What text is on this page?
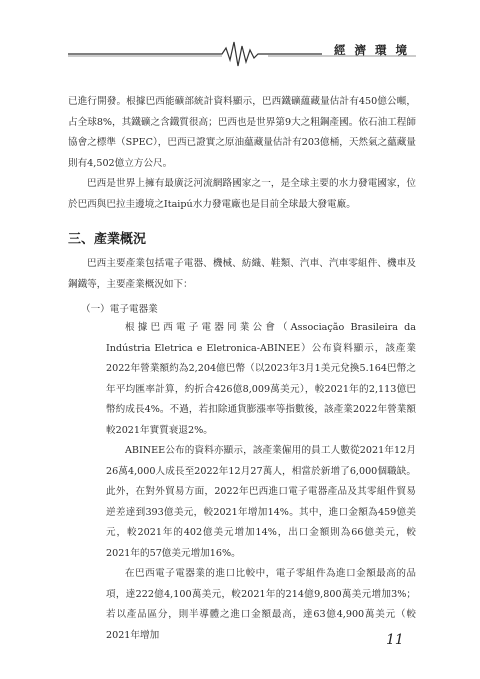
經濟環境

已進行開發。根據巴西能礦部統計資料顯示，巴西鐵礦蘊藏量估計有450億公噸，占全球8%，其鐵礦之含鐵質很高；巴西也是世界第9大之粗鋼產國。依石油工程師協會之標準（SPEC），巴西已證實之原油蘊藏量估計有203億桶，天然氣之蘊藏量則有4,502億立方公尺。

巴西是世界上擁有最廣泛河流網路國家之一，是全球主要的水力發電國家，位於巴西與巴拉圭邊境之Itaipú水力發電廠也是目前全球最大發電廠。

三、產業概況

巴西主要產業包括電子電器、機械、紡織、鞋類、汽車、汽車零組件、機車及鋼鐵等，主要產業概況如下：

（一）電子電器業

根據巴西電子電器同業公會（Associação Brasileira da Indústria Eletrica e Eletronica-ABINEE）公布資料顯示，該產業2022年營業額約為2,204億巴幣（以2023年3月1美元兌換5.164巴幣之年平均匯率計算，約折合426億8,009萬美元），較2021年的2,113億巴幣約成長4%。不過，若扣除通貨膨漲率等指數後，該產業2022年營業額較2021年實質衰退2%。

ABINEE公布的資料亦顯示，該產業僱用的員工人數從2021年12月26萬4,000人成長至2022年12月27萬人，相當於新增了6,000個職缺。此外，在對外貿易方面，2022年巴西進口電子電器產品及其零組件貿易逆差達到393億美元，較2021年增加14%。其中，進口金額為459億美元，較2021年的402億美元增加14%，出口金額則為66億美元，較2021年的57億美元增加16%。

在巴西電子電器業的進口比較中，電子零組件為進口金額最高的品項，達222億4,100萬美元，較2021年的214億9,800萬美元增加3%；若以產品區分，則半導體之進口金額最高，達63億4,900萬美元（較2021年增加	11
